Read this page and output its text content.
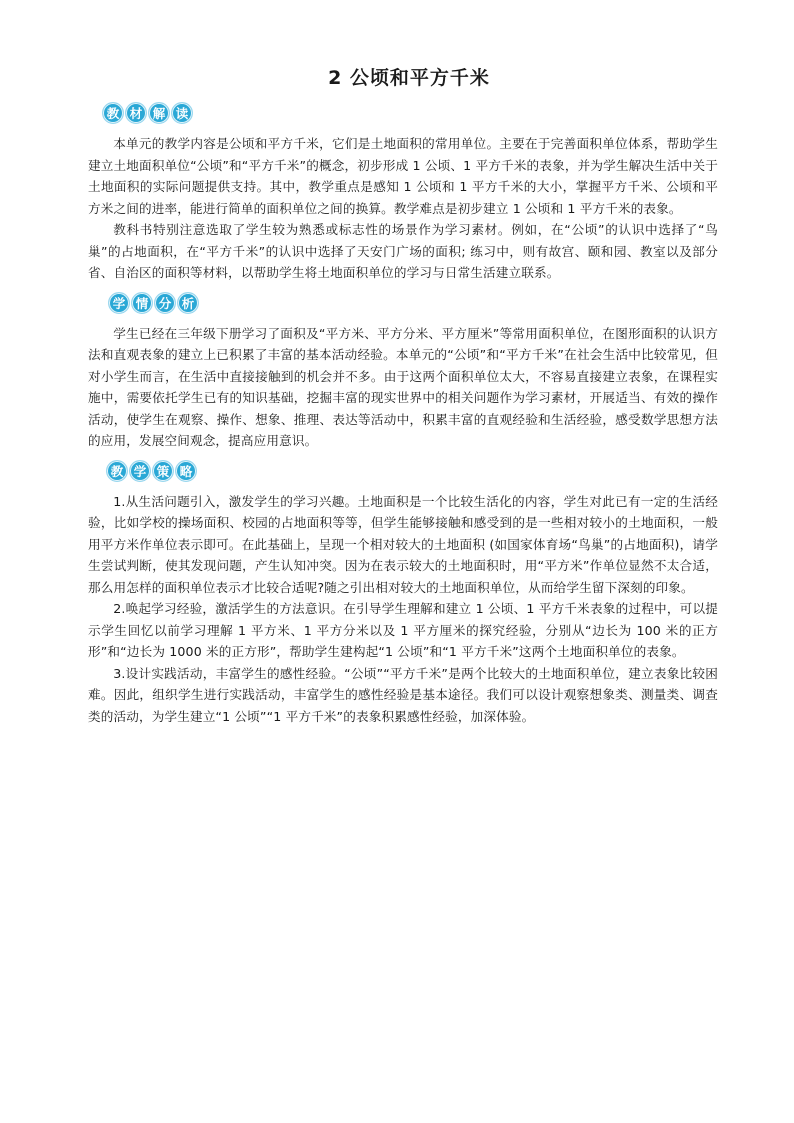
2 公顷和平方千米
教 材 解 读

本单元的教学内容是公顷和平方千米，它们是土地面积的常用单位。主要在于完善面积单位体系，帮助学生建立土地面积单位“公顷”和“平方千米”的概念，初步形成 1 公顷、1 平方千米的表象，并为学生解决生活中关于土地面积的实际问题提供支持。其中，教学重点是感知 1 公顷和 1 平方千米的大小，掌握平方千米、公顷和平方米之间的进率，能进行简单的面积单位之间的换算。教学难点是初步建立 1 公顷和 1 平方千米的表象。

教科书特别注意选取了学生较为熟悉或标志性的场景作为学习素材。例如，在“公顷”的认识中选择了“鸟巢”的占地面积，在“平方千米”的认识中选择了天安门广场的面积; 练习中，则有故宫、颐和园、教室以及部分省、自治区的面积等材料，以帮助学生将土地面积单位的学习与日常生活建立联系。

学 情 分 析

学生已经在三年级下册学习了面积及“平方米、平方分米、平方厘米”等常用面积单位，在图形面积的认识方法和直观表象的建立上已积累了丰富的基本活动经验。本单元的“公顷”和“平方千米”在社会生活中比较常见，但对小学生而言，在生活中直接接触到的机会并不多。由于这两个面积单位太大，不容易直接建立表象，在课程实施中，需要依托学生已有的知识基础，挖掘丰富的现实世界中的相关问题作为学习素材，开展适当、有效的操作活动，使学生在观察、操作、想象、推理、表达等活动中，积累丰富的直观经验和生活经验，感受数学思想方法的应用，发展空间观念，提高应用意识。

教 学 策 略

1.从生活问题引入，激发学生的学习兴趣。土地面积是一个比较生活化的内容，学生对此已有一定的生活经验，比如学校的操场面积、校园的占地面积等等，但学生能够接触和感受到的是一些相对较小的土地面积，一般用平方米作单位表示即可。在此基础上，呈现一个相对较大的土地面积 (如国家体育场“鸟巢”的占地面积)，请学生尝试判断，使其发现问题，产生认知冲突。因为在表示较大的土地面积时，用“平方米”作单位显然不太合适，那么用怎样的面积单位表示才比较合适呢?随之引出相对较大的土地面积单位，从而给学生留下深刻的印象。

2.唤起学习经验，激活学生的方法意识。在引导学生理解和建立 1 公顷、1 平方千米表象的过程中，可以提示学生回忆以前学习理解 1 平方米、1 平方分米以及 1 平方厘米的探究经验，分别从“边长为 100 米的正方形”和“边长为 1000 米的正方形”，帮助学生建构起“1 公顷”和“1 平方千米”这两个土地面积单位的表象。

3.设计实践活动，丰富学生的感性经验。“公顷”“平方千米”是两个比较大的土地面积单位，建立表象比较困难。因此，组织学生进行实践活动，丰富学生的感性经验是基本途径。我们可以设计观察想象类、测量类、调查类的活动，为学生建立“1 公顷”“1 平方千米”的表象积累感性经验，加深体验。
